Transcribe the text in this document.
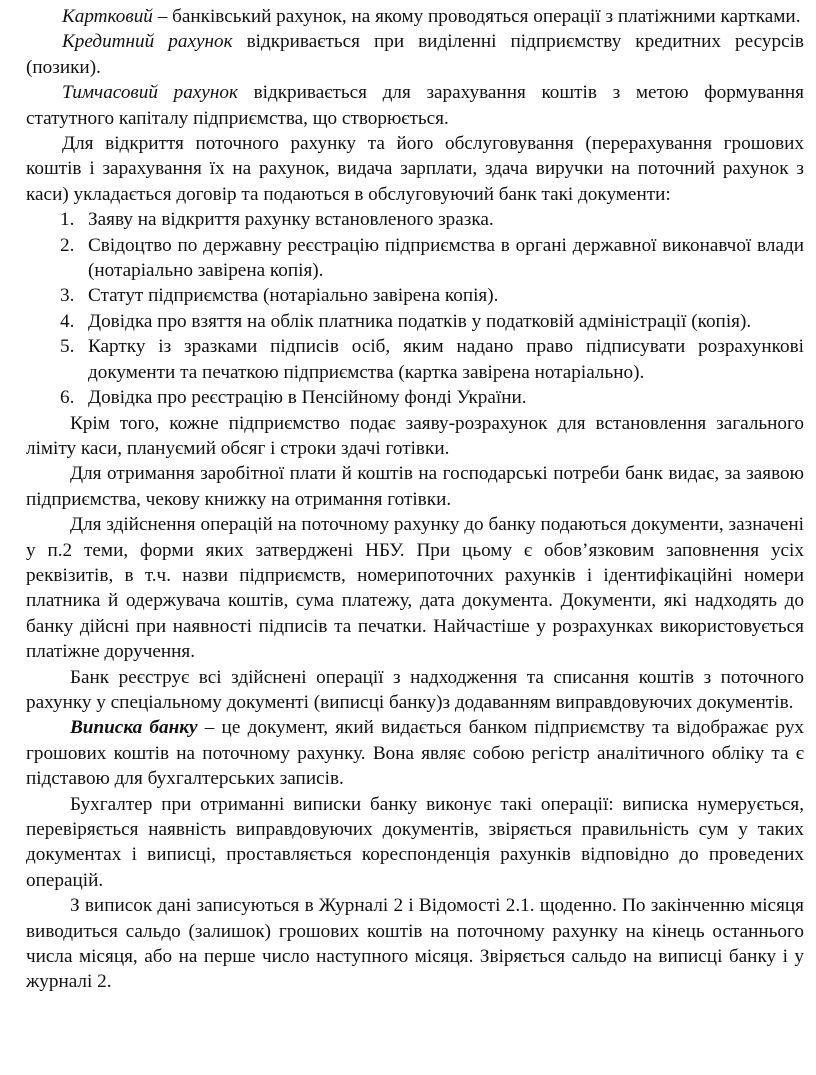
Картковий – банківський рахунок, на якому проводяться операції з платіжними картками.

Кредитний рахунок відкривається при виділенні підприємству кредитних ресурсів (позики).

Тимчасовий рахунок відкривається для зарахування коштів з метою формування статутного капіталу підприємства, що створюється.

Для відкриття поточного рахунку та його обслуговування (перерахування грошових коштів і зарахування їх на рахунок, видача зарплати, здача виручки на поточний рахунок з каси) укладається договір та подаються в обслуговуючий банк такі документи:

1. Заяву на відкриття рахунку встановленого зразка.
2. Свідоцтво по державну реєстрацію підприємства в органі державної виконавчої влади (нотаріально завірена копія).
3. Статут підприємства (нотаріально завірена копія).
4. Довідка про взяття на облік платника податків у податковій адміністрації (копія).
5. Картку із зразками підписів осіб, яким надано право підписувати розрахункові документи та печаткою підприємства (картка завірена нотаріально).
6. Довідка про реєстрацію в Пенсійному фонді України.

Крім того, кожне підприємство подає заяву-розрахунок для встановлення загального ліміту каси, плануємий обсяг і строки здачі готівки.

Для отримання заробітної плати й коштів на господарські потреби банк видає, за заявою підприємства, чекову книжку на отримання готівки.

Для здійснення операцій на поточному рахунку до банку подаються документи, зазначені у п.2 теми, форми яких затверджені НБУ. При цьому є обов’язковим заповнення усіх реквізитів, в т.ч. назви підприємств, номерипоточних рахунків і ідентифікаційні номери платника й одержувача коштів, сума платежу, дата документа. Документи, які надходять до банку дійсні при наявності підписів та печатки. Найчастіше у розрахунках використовується платіжне доручення.

Банк реєструє всі здійснені операції з надходження та списання коштів з поточного рахунку у спеціальному документі (виписці банку)з додаванням виправдовуючих документів.

Виписка банку – це документ, який видається банком підприємству та відображає рух грошових коштів на поточному рахунку. Вона являє собою регістр аналітичного обліку та є підставою для бухгалтерських записів.

Бухгалтер при отриманні виписки банку виконує такі операції: виписка нумерується, перевіряється наявність виправдовуючих документів, звіряється правильність сум у таких документах і виписці, проставляється кореспонденція рахунків відповідно до проведених операцій.

З виписок дані записуються в Журналі 2 і Відомості 2.1. щоденно. По закінченню місяця виводиться сальдо (залишок) грошових коштів на поточному рахунку на кінець останнього числа місяця, або на перше число наступного місяця. Звіряється сальдо на виписці банку і у журналі 2.
